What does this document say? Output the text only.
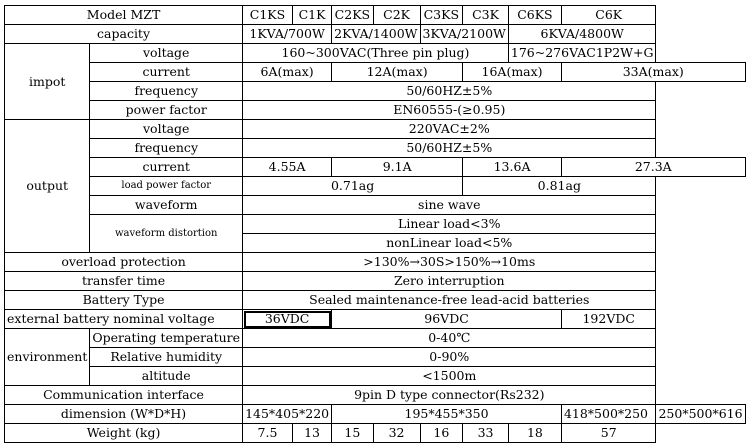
Model MZT		C1KS	C1K	C2KS	C2K	C3KS	C3K	C6KS	C6K	
capacity		1KVA/700W		2KVA/1400W		3KVA/2100W		6KVA/4800W		
impot	voltage	160~300VAC(Three pin plug)						176~276VAC1P2W+G		
	current	6A(max)		12A(max)			16A(max)		33A(max)	
	frequency	50/60HZ±5%								
	power factor	EN60555-(≥0.95)								
output	voltage	220VAC±2%								
	frequency	50/60HZ±5%								
	current	4.55A		9.1A			13.6A		27.3A	
	load power factor	0.71ag					0.81ag			
	waveform	sine wave								
	waveform distortion	Linear load<3%								
		nonLinear load<5%								
overload protection		>130%→30S>150%→10ms								
transfer time		Zero interruption								
Battery Type		Sealed maintenance-free lead-acid batteries								
external battery nominal voltage		36VDC		96VDC					192VDC	
environment	Operating temperature	0-40℃								
	Relative humidity	0-90%								
	altitude	<1500m								
Communication interface		9pin D type connector(Rs232)								
dimension (W*D*H)		145*405*220		195*455*350					250*500*418	250*500*616
Weight (kg)		7.5	13	15	32	16	33	18	57	
